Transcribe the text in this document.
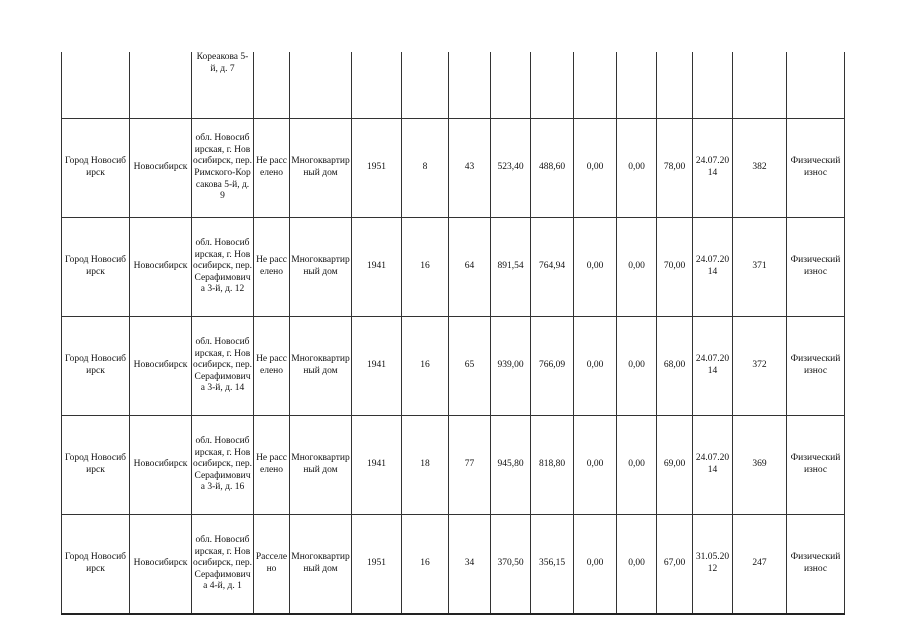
		Кореакова 5-й, д. 7													
Город Новосибирск	Новосибирск	обл. Новосибирская, г. Новосибирск, пер. Римского-Корсакова 5-й, д. 9	Не расселено	Многоквартирный дом	1951	8	43	523,40	488,60	0,00	0,00	78,00	24.07.2014	382	Физический износ
Город Новосибирск	Новосибирск	обл. Новосибирская, г. Новосибирск, пер. Серафимовича 3-й, д. 12	Не расселено	Многоквартирный дом	1941	16	64	891,54	764,94	0,00	0,00	70,00	24.07.2014	371	Физический износ
Город Новосибирск	Новосибирск	обл. Новосибирская, г. Новосибирск, пер. Серафимовича 3-й, д. 14	Не расселено	Многоквартирный дом	1941	16	65	939,00	766,09	0,00	0,00	68,00	24.07.2014	372	Физический износ
Город Новосибирск	Новосибирск	обл. Новосибирская, г. Новосибирск, пер. Серафимовича 3-й, д. 16	Не расселено	Многоквартирный дом	1941	18	77	945,80	818,80	0,00	0,00	69,00	24.07.2014	369	Физический износ
Город Новосибирск	Новосибирск	обл. Новосибирская, г. Новосибирск, пер. Серафимовича 4-й, д. 1	Расселено	Многоквартирный дом	1951	16	34	370,50	356,15	0,00	0,00	67,00	31.05.2012	247	Физический износ
